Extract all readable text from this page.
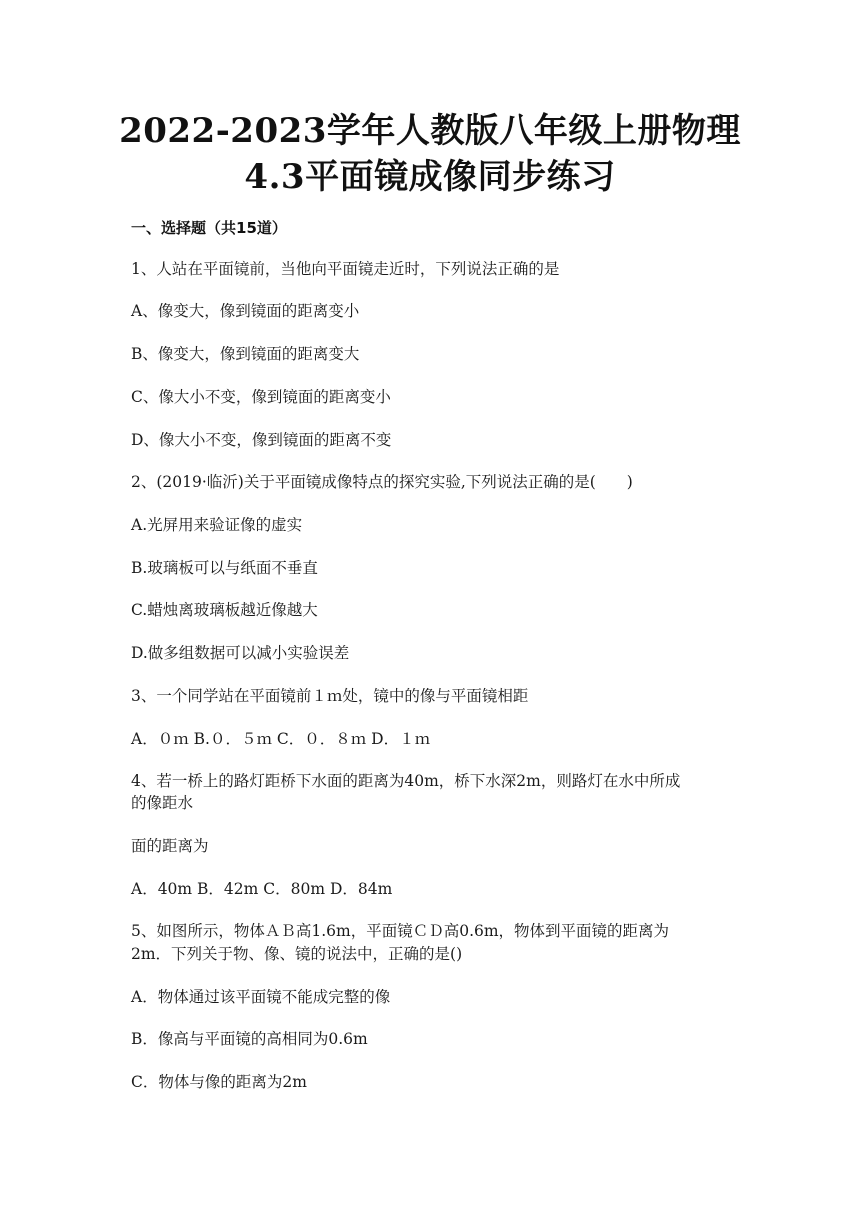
2022-2023学年人教版八年级上册物理
4.3平面镜成像同步练习
一、选择题（共15道）
1、人站在平面镜前，当他向平面镜走近时，下列说法正确的是
A、像变大，像到镜面的距离变小
B、像变大，像到镜面的距离变大
C、像大小不变，像到镜面的距离变小
D、像大小不变，像到镜面的距离不变
2、(2019·临沂)关于平面镜成像特点的探究实验,下列说法正确的是(　　)
A.光屏用来验证像的虚实
B.玻璃板可以与纸面不垂直
C.蜡烛离玻璃板越近像越大
D.做多组数据可以减小实验误差
3、一个同学站在平面镜前１ｍ处，镜中的像与平面镜相距
A．０ｍ B.０．５ｍ C．０．８ｍ D．１ｍ
4、若一桥上的路灯距桥下水面的距离为40m，桥下水深2m，则路灯在水中所成
的像距水
面的距离为
A．40m B．42m C．80m D．84m
5、如图所示，物体ＡＢ高1.6m，平面镜ＣＤ高0.6m，物体到平面镜的距离为
2m．下列关于物、像、镜的说法中，正确的是()
A．物体通过该平面镜不能成完整的像
B．像高与平面镜的高相同为0.6m
C．物体与像的距离为2m
